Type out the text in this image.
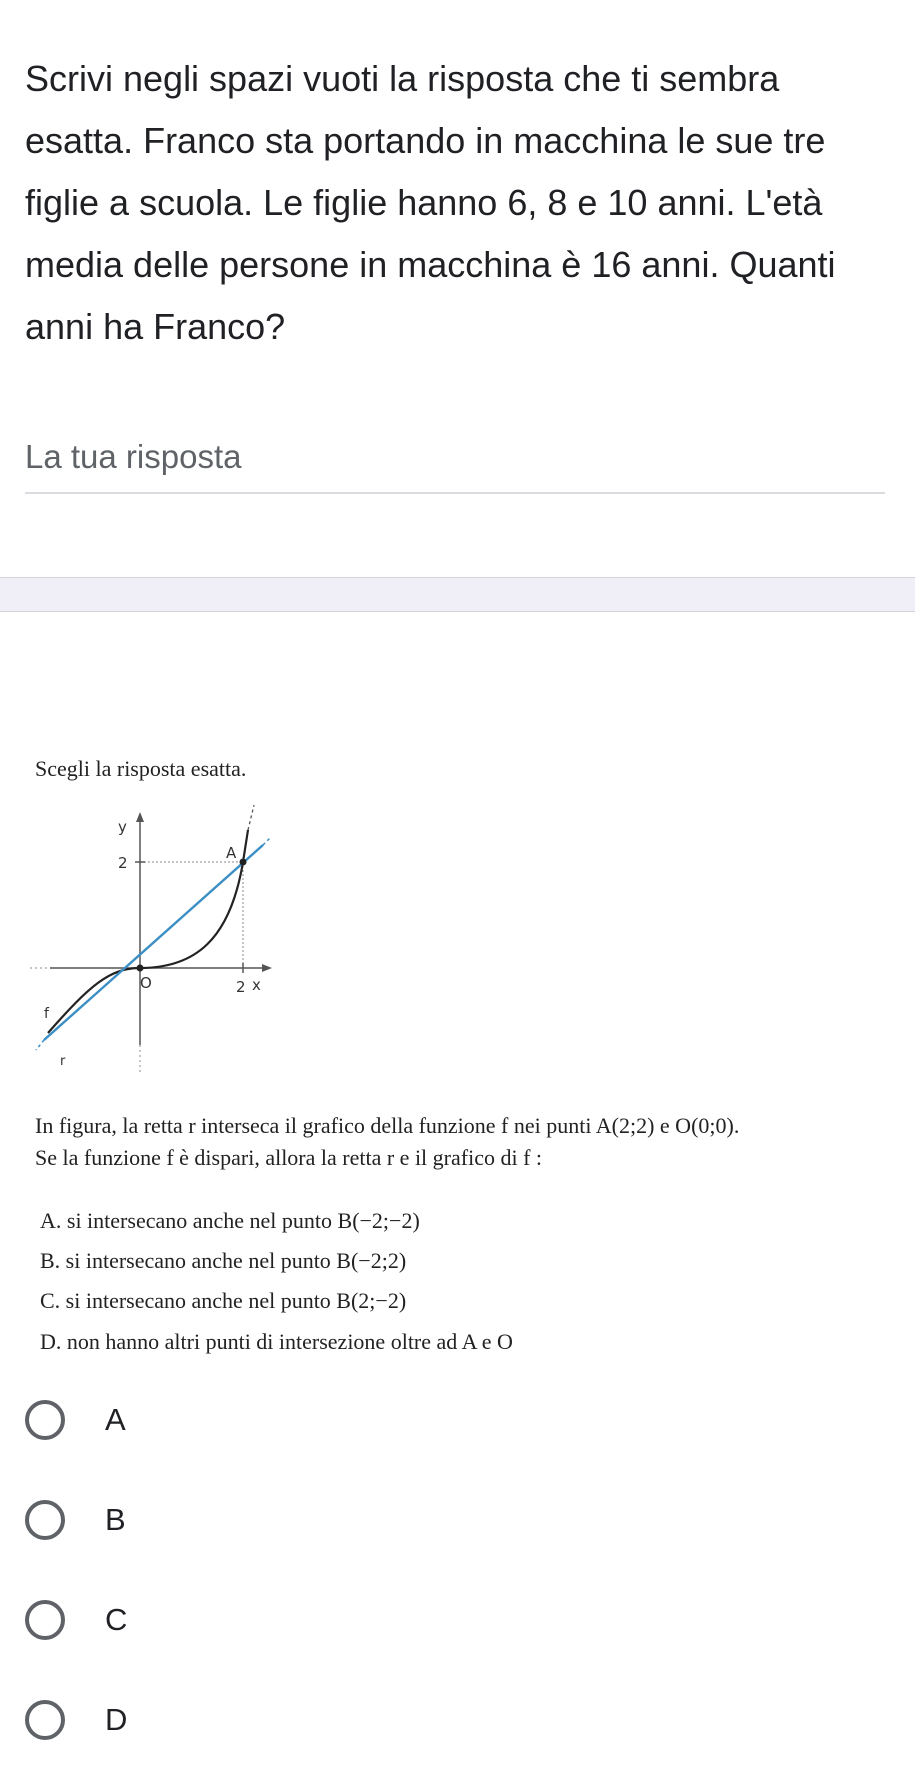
Scrivi negli spazi vuoti la risposta che ti sembra esatta. Franco sta portando in macchina le sue tre figlie a scuola. Le figlie hanno 6, 8 e 10 anni. L'età media delle persone in macchina è 16 anni. Quanti anni ha Franco?
La tua risposta
Scegli la risposta esatta.
y
2
A
O	2 x
f
r
In figura, la retta r interseca il grafico della funzione f nei punti A(2;2) e O(0;0).
Se la funzione f è dispari, allora la retta r e il grafico di f :
A. si intersecano anche nel punto B(−2;−2)
B. si intersecano anche nel punto B(−2;2)
C. si intersecano anche nel punto B(2;−2)
D. non hanno altri punti di intersezione oltre ad A e O
A
B
C
D
